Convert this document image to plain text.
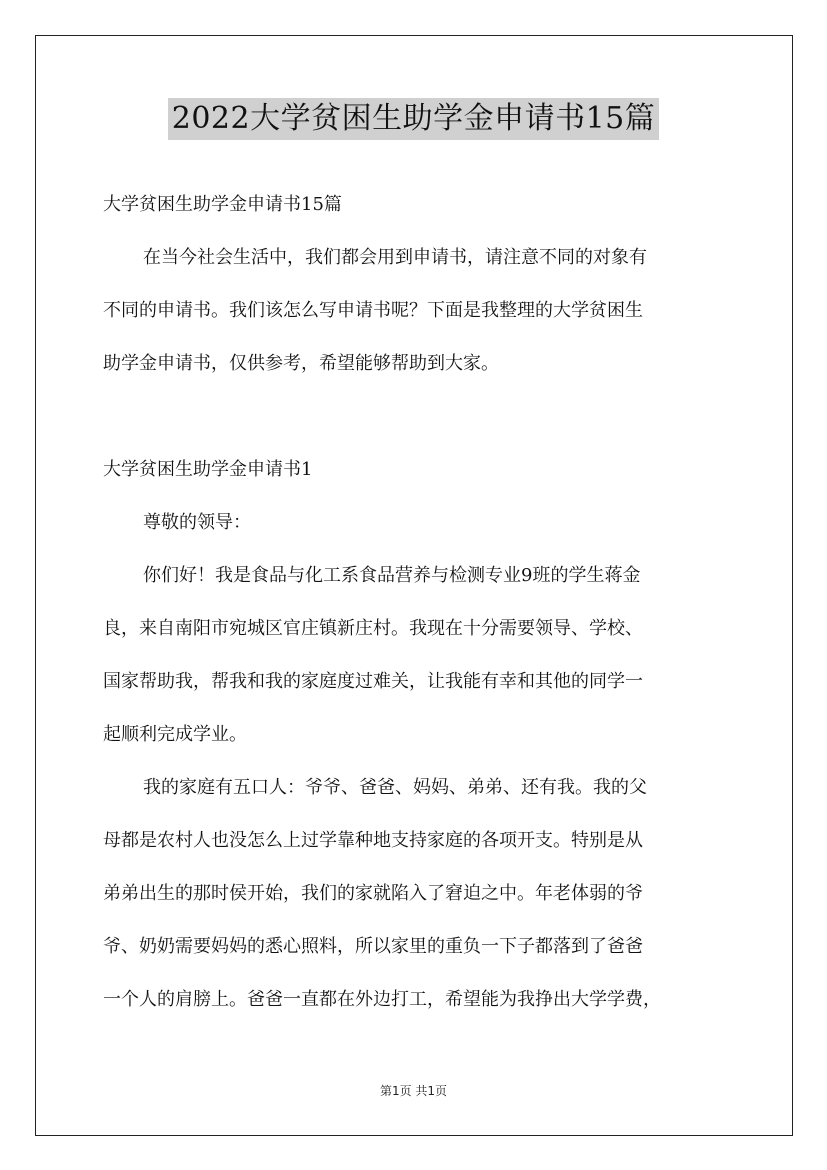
2022大学贫困生助学金申请书15篇
大学贫困生助学金申请书15篇
在当今社会生活中，我们都会用到申请书，请注意不同的对象有
不同的申请书。我们该怎么写申请书呢？下面是我整理的大学贫困生
助学金申请书，仅供参考，希望能够帮助到大家。
大学贫困生助学金申请书1
尊敬的领导：
你们好！我是食品与化工系食品营养与检测专业9班的学生蒋金
良，来自南阳市宛城区官庄镇新庄村。我现在十分需要领导、学校、
国家帮助我，帮我和我的家庭度过难关，让我能有幸和其他的同学一
起顺利完成学业。
我的家庭有五口人：爷爷、爸爸、妈妈、弟弟、还有我。我的父
母都是农村人也没怎么上过学靠种地支持家庭的各项开支。特别是从
弟弟出生的那时侯开始，我们的家就陷入了窘迫之中。年老体弱的爷
爷、奶奶需要妈妈的悉心照料，所以家里的重负一下子都落到了爸爸
一个人的肩膀上。爸爸一直都在外边打工，希望能为我挣出大学学费，
第1页 共1页
